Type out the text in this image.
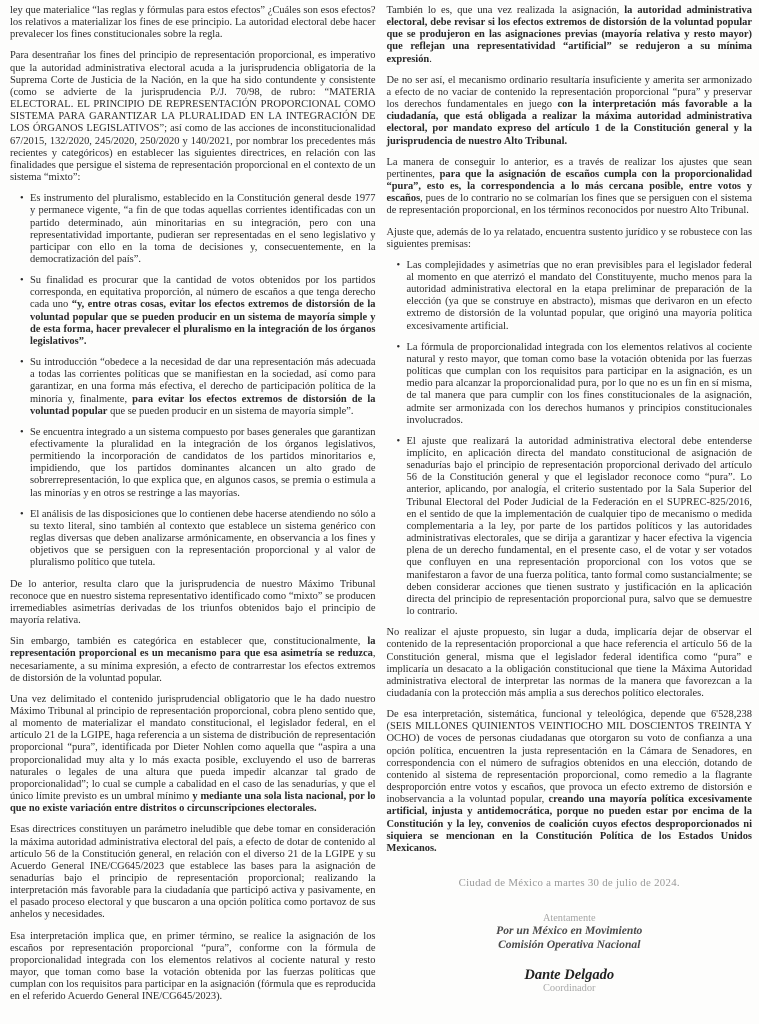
ley que materialice “las reglas y fórmulas para estos efectos” ¿Cuáles son esos efectos? los relativos a materializar los fines de ese principio. La autoridad electoral debe hacer prevalecer los fines constitucionales sobre la regla.
Para desentrañar los fines del principio de representación proporcional, es imperativo que la autoridad administrativa electoral acuda a la jurisprudencia obligatoria de la Suprema Corte de Justicia de la Nación, en la que ha sido contundente y consistente (como se advierte de la jurisprudencia P./J. 70/98, de rubro: “MATERIA ELECTORAL. EL PRINCIPIO DE REPRESENTACIÓN PROPORCIONAL COMO SISTEMA PARA GARANTIZAR LA PLURALIDAD EN LA INTEGRACIÓN DE LOS ÓRGANOS LEGISLATIVOS”; así como de las acciones de inconstitucionalidad 67/2015, 132/2020, 245/2020, 250/2020 y 140/2021, por nombrar los precedentes más recientes y categóricos) en establecer las siguientes directrices, en relación con las finalidades que persigue el sistema de representación proporcional en el contexto de un sistema “mixto”:
• Es instrumento del pluralismo, establecido en la Constitución general desde 1977 y permanece vigente, “a fin de que todas aquellas corrientes identificadas con un partido determinado, aún minoritarias en su integración, pero con una representatividad importante, pudieran ser representadas en el seno legislativo y participar con ello en la toma de decisiones y, consecuentemente, en la democratización del país”.
• Su finalidad es procurar que la cantidad de votos obtenidos por los partidos corresponda, en equitativa proporción, al número de escaños a que tenga derecho cada uno “y, entre otras cosas, evitar los efectos extremos de distorsión de la voluntad popular que se pueden producir en un sistema de mayoría simple y de esta forma, hacer prevalecer el pluralismo en la integración de los órganos legislativos”.
• Su introducción “obedece a la necesidad de dar una representación más adecuada a todas las corrientes políticas que se manifiestan en la sociedad, así como para garantizar, en una forma más efectiva, el derecho de participación política de la minoría y, finalmente, para evitar los efectos extremos de distorsión de la voluntad popular que se pueden producir en un sistema de mayoría simple”.
• Se encuentra integrado a un sistema compuesto por bases generales que garantizan efectivamente la pluralidad en la integración de los órganos legislativos, permitiendo la incorporación de candidatos de los partidos minoritarios e, impidiendo, que los partidos dominantes alcancen un alto grado de sobrerrepresentación, lo que explica que, en algunos casos, se premia o estimula a las minorías y en otros se restringe a las mayorías.
• El análisis de las disposiciones que lo contienen debe hacerse atendiendo no sólo a su texto literal, sino también al contexto que establece un sistema genérico con reglas diversas que deben analizarse armónicamente, en observancia a los fines y objetivos que se persiguen con la representación proporcional y al valor de pluralismo político que tutela.
De lo anterior, resulta claro que la jurisprudencia de nuestro Máximo Tribunal reconoce que en nuestro sistema representativo identificado como “mixto” se producen irremediables asimetrías derivadas de los triunfos obtenidos bajo el principio de mayoría relativa.
Sin embargo, también es categórica en establecer que, constitucionalmente, la representación proporcional es un mecanismo para que esa asimetría se reduzca, necesariamente, a su mínima expresión, a efecto de contrarrestar los efectos extremos de distorsión de la voluntad popular.
Una vez delimitado el contenido jurisprudencial obligatorio que le ha dado nuestro Máximo Tribunal al principio de representación proporcional, cobra pleno sentido que, al momento de materializar el mandato constitucional, el legislador federal, en el artículo 21 de la LGIPE, haga referencia a un sistema de distribución de representación proporcional “pura”, identificada por Dieter Nohlen como aquella que “aspira a una proporcionalidad muy alta y lo más exacta posible, excluyendo el uso de barreras naturales o legales de una altura que pueda impedir alcanzar tal grado de proporcionalidad”; lo cual se cumple a cabalidad en el caso de las senadurías, y que el único límite previsto es un umbral mínimo y mediante una sola lista nacional, por lo que no existe variación entre distritos o circunscripciones electorales.
Esas directrices constituyen un parámetro ineludible que debe tomar en consideración la máxima autoridad administrativa electoral del país, a efecto de dotar de contenido al artículo 56 de la Constitución general, en relación con el diverso 21 de la LGIPE y su Acuerdo General INE/CG645/2023 que establece las bases para la asignación de senadurías bajo el principio de representación proporcional; realizando la interpretación más favorable para la ciudadanía que participó activa y pasivamente, en el pasado proceso electoral y que buscaron a una opción política como portavoz de sus anhelos y necesidades.
Esa interpretación implica que, en primer término, se realice la asignación de los escaños por representación proporcional “pura”, conforme con la fórmula de proporcionalidad integrada con los elementos relativos al cociente natural y resto mayor, que toman como base la votación obtenida por las fuerzas políticas que cumplan con los requisitos para participar en la asignación (fórmula que es reproducida en el referido Acuerdo General INE/CG645/2023).
También lo es, que una vez realizada la asignación, la autoridad administrativa electoral, debe revisar si los efectos extremos de distorsión de la voluntad popular que se produjeron en las asignaciones previas (mayoría relativa y resto mayor) que reflejan una representatividad “artificial” se redujeron a su mínima expresión.
De no ser así, el mecanismo ordinario resultaría insuficiente y amerita ser armonizado a efecto de no vaciar de contenido la representación proporcional “pura” y preservar los derechos fundamentales en juego con la interpretación más favorable a la ciudadanía, que está obligada a realizar la máxima autoridad administrativa electoral, por mandato expreso del artículo 1 de la Constitución general y la jurisprudencia de nuestro Alto Tribunal.
La manera de conseguir lo anterior, es a través de realizar los ajustes que sean pertinentes, para que la asignación de escaños cumpla con la proporcionalidad “pura”, esto es, la correspondencia a lo más cercana posible, entre votos y escaños, pues de lo contrario no se colmarían los fines que se persiguen con el sistema de representación proporcional, en los términos reconocidos por nuestro Alto Tribunal.
Ajuste que, además de lo ya relatado, encuentra sustento jurídico y se robustece con las siguientes premisas:
• Las complejidades y asimetrías que no eran previsibles para el legislador federal al momento en que aterrizó el mandato del Constituyente, mucho menos para la autoridad administrativa electoral en la etapa preliminar de preparación de la elección (ya que se construye en abstracto), mismas que derivaron en un efecto extremo de distorsión de la voluntad popular, que originó una mayoría política excesivamente artificial.
• La fórmula de proporcionalidad integrada con los elementos relativos al cociente natural y resto mayor, que toman como base la votación obtenida por las fuerzas políticas que cumplan con los requisitos para participar en la asignación, es un medio para alcanzar la proporcionalidad pura, por lo que no es un fin en sí misma, de tal manera que para cumplir con los fines constitucionales de la asignación, admite ser armonizada con los derechos humanos y principios constitucionales involucrados.
• El ajuste que realizará la autoridad administrativa electoral debe entenderse implícito, en aplicación directa del mandato constitucional de asignación de senadurías bajo el principio de representación proporcional derivado del artículo 56 de la Constitución general y que el legislador reconoce como “pura”. Lo anterior, aplicando, por analogía, el criterio sustentado por la Sala Superior del Tribunal Electoral del Poder Judicial de la Federación en el SUPREC-825/2016, en el sentido de que la implementación de cualquier tipo de mecanismo o medida complementaria a la ley, por parte de los partidos políticos y las autoridades administrativas electorales, que se dirija a garantizar y hacer efectiva la vigencia plena de un derecho fundamental, en el presente caso, el de votar y ser votados que confluyen en una representación proporcional con los votos que se manifestaron a favor de una fuerza política, tanto formal como sustancialmente; se deben considerar acciones que tienen sustrato y justificación en la aplicación directa del principio de representación proporcional pura, salvo que se demuestre lo contrario.
No realizar el ajuste propuesto, sin lugar a duda, implicaría dejar de observar el contenido de la representación proporcional a que hace referencia el artículo 56 de la Constitución general, misma que el legislador federal identifica como “pura” e implicaría un desacato a la obligación constitucional que tiene la Máxima Autoridad administrativa electoral de interpretar las normas de la manera que favorezcan a la ciudadanía con la protección más amplia a sus derechos político electorales.
De esa interpretación, sistemática, funcional y teleológica, depende que 6'528,238 (SEIS MILLONES QUINIENTOS VEINTIOCHO MIL DOSCIENTOS TREINTA Y OCHO) de voces de personas ciudadanas que otorgaron su voto de confianza a una opción política, encuentren la justa representación en la Cámara de Senadores, en correspondencia con el número de sufragios obtenidos en una elección, dotando de contenido al sistema de representación proporcional, como remedio a la flagrante desproporción entre votos y escaños, que provoca un efecto extremo de distorsión e inobservancia a la voluntad popular, creando una mayoría política excesivamente artificial, injusta y antidemocrática, porque no pueden estar por encima de la Constitución y la ley, convenios de coalición cuyos efectos desproporcionados ni siquiera se mencionan en la Constitución Política de los Estados Unidos Mexicanos.
Ciudad de México a martes 30 de julio de 2024.
Atentamente
Por un México en Movimiento
Comisión Operativa Nacional
Dante Delgado
Coordinador
